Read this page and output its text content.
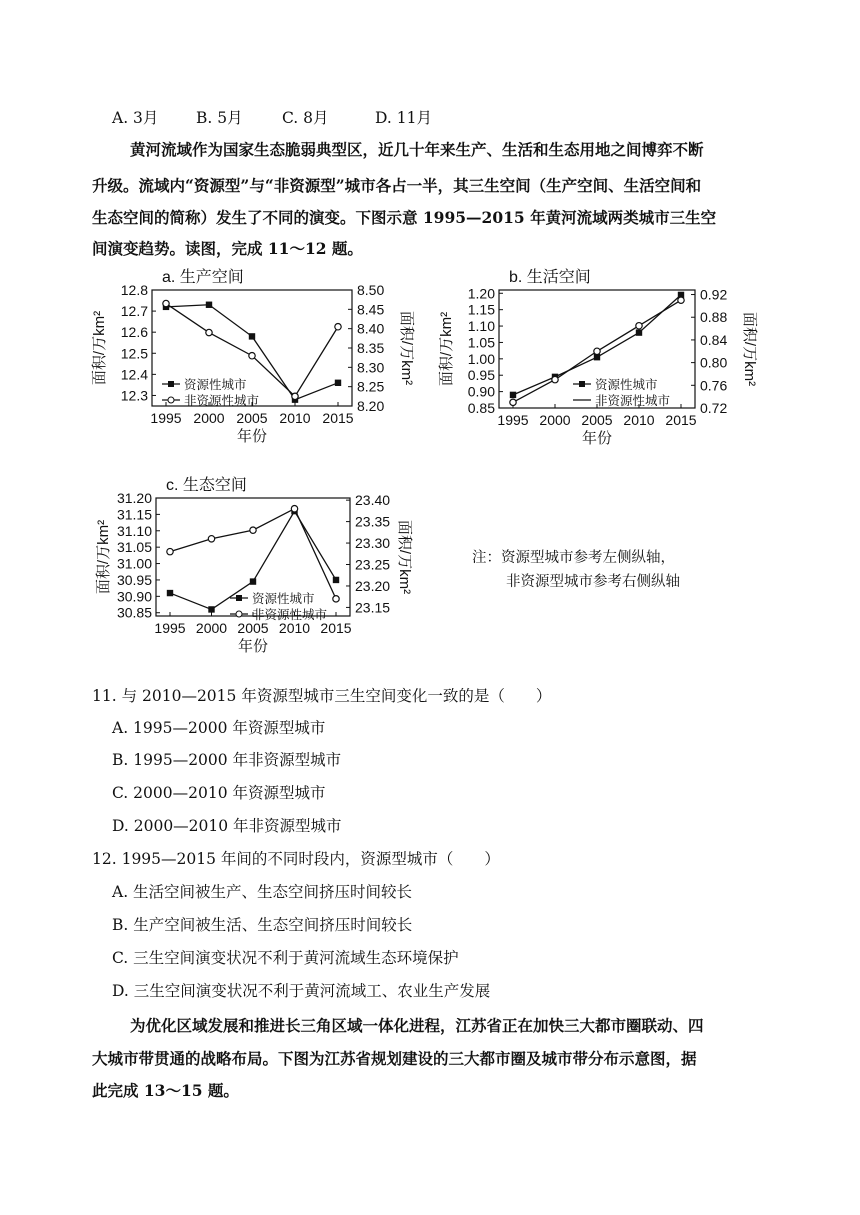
A. 3月 B. 5月	C. 8月	D. 11月
黄河流域作为国家生态脆弱典型区，近几十年来生产、生活和生态用地之间博弈不断
升级。流域内“资源型”与“非资源型”城市各占一半，其三生空间（生产空间、生活空间和
生态空间的简称）发生了不同的演变。下图示意 1995—2015 年黄河流域两类城市三生空
间演变趋势。读图，完成 11～12 题。
a. 生产空间
12.8
12.7
12.6
12.5
12.4
12.3
8.50
8.45
8.40
8.35
8.30
8.25
8.20
1995 2000 2005 2010 2015
年份
面积/万km²	面积/万km²
资源性城市
非资源性城市
b. 生活空间
1.20
1.15
1.10
1.05
1.00
0.95
0.90
0.85
0.92
0.88
0.84
0.80
0.76
0.72
1995 2000 2005 2010 2015
年份
面积/万km²	面积/万km²
资源性城市
非资源性城市
c. 生态空间
31.20
31.15
31.10
31.05
31.00
30.95
30.90
30.85
23.40
23.35
23.30
23.25
23.20
23.15
1995 2000 2005 2010 2015
年份
面积/万km²	面积/万km²
资源性城市
非资源性城市
注：资源型城市参考左侧纵轴，
非资源型城市参考右侧纵轴
11. 与 2010—2015 年资源型城市三生空间变化一致的是（　　）
A. 1995—2000 年资源型城市
B. 1995—2000 年非资源型城市
C. 2000—2010 年资源型城市
D. 2000—2010 年非资源型城市
12. 1995—2015 年间的不同时段内，资源型城市（　　）
A. 生活空间被生产、生态空间挤压时间较长
B. 生产空间被生活、生态空间挤压时间较长
C. 三生空间演变状况不利于黄河流域生态环境保护
D. 三生空间演变状况不利于黄河流域工、农业生产发展
为优化区域发展和推进长三角区域一体化进程，江苏省正在加快三大都市圈联动、四
大城市带贯通的战略布局。下图为江苏省规划建设的三大都市圈及城市带分布示意图，据
此完成 13～15 题。
